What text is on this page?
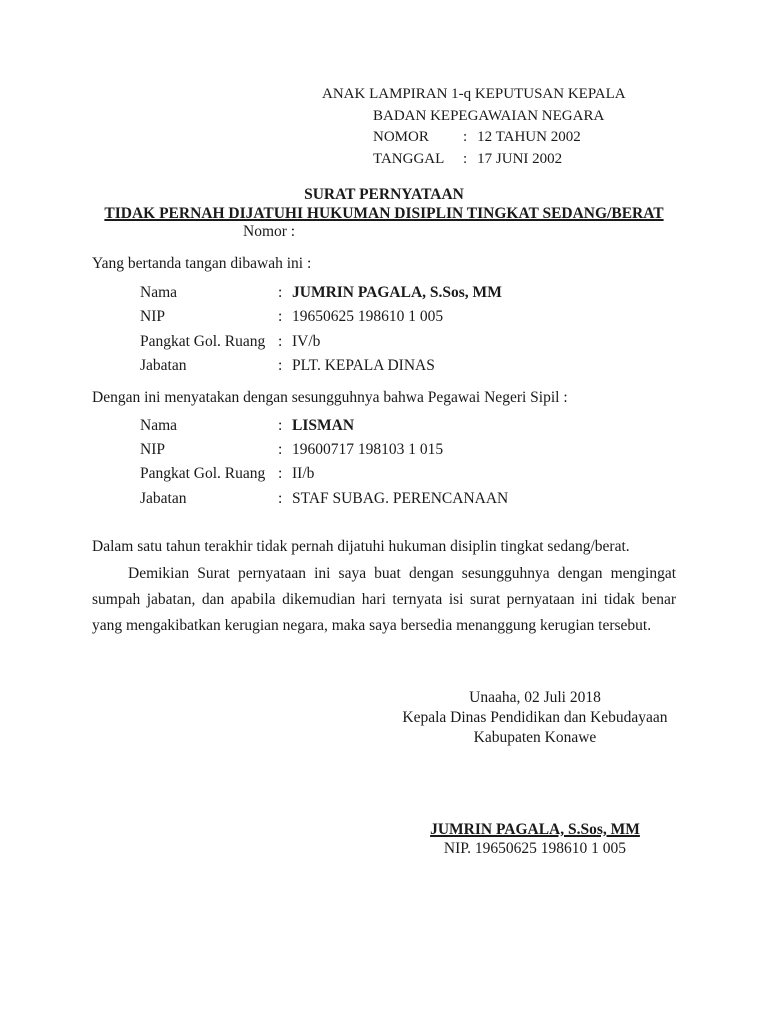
ANAK LAMPIRAN 1-q KEPUTUSAN KEPALA
BADAN KEPEGAWAIAN NEGARA
NOMOR : 12 TAHUN 2002
TANGGAL : 17 JUNI 2002
SURAT PERNYATAAN
TIDAK PERNAH DIJATUHI HUKUMAN DISIPLIN TINGKAT SEDANG/BERAT
Nomor :
Yang bertanda tangan dibawah ini :
Nama	: JUMRIN PAGALA, S.Sos, MM
NIP	: 19650625 198610 1 005
Pangkat Gol. Ruang : IV/b
Jabatan	: PLT. KEPALA DINAS
Dengan ini menyatakan dengan sesungguhnya bahwa Pegawai Negeri Sipil :
Nama	: LISMAN
NIP	: 19600717 198103 1 015
Pangkat Gol. Ruang : II/b
Jabatan	: STAF SUBAG. PERENCANAAN
Dalam satu tahun terakhir tidak pernah dijatuhi hukuman disiplin tingkat sedang/berat.
Demikian Surat pernyataan ini saya buat dengan sesungguhnya dengan mengingat sumpah jabatan, dan apabila dikemudian hari ternyata isi surat pernyataan ini tidak benar yang mengakibatkan kerugian negara, maka saya bersedia menanggung kerugian tersebut.
Unaaha, 02 Juli 2018
Kepala Dinas Pendidikan dan Kebudayaan
Kabupaten Konawe
JUMRIN PAGALA, S.Sos, MM
NIP. 19650625 198610 1 005
